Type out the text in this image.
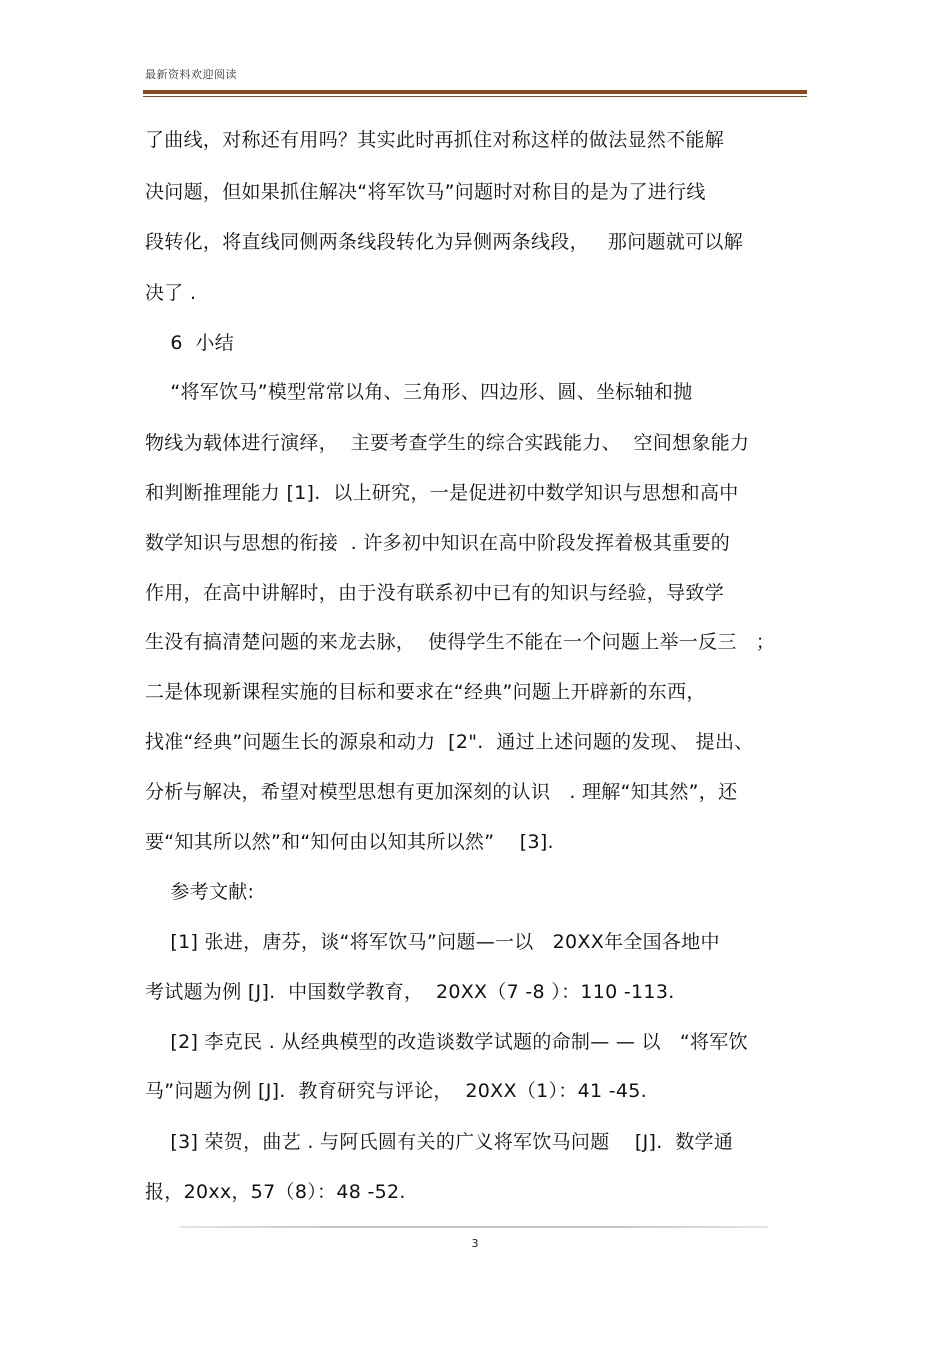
最新资料欢迎阅读
了曲线，对称还有用吗？其实此时再抓住对称这样的做法显然不能解
决问题，但如果抓住解决“将军饮马”问题时对称目的是为了进行线
段转化，将直线同侧两条线段转化为异侧两条线段，   那问题就可以解
决了 .
6  小结
“将军饮马”模型常常以角、三角形、四边形、圆、坐标轴和抛
物线为载体进行演绎，  主要考查学生的综合实践能力、  空间想象能力
和判断推理能力 [1].  以上研究，一是促进初中数学知识与思想和高中
数学知识与思想的衔接  . 许多初中知识在高中阶段发挥着极其重要的
作用，在高中讲解时，由于没有联系初中已有的知识与经验，导致学
生没有搞清楚问题的来龙去脉，  使得学生不能在一个问题上举一反三   ；
二是体现新课程实施的目标和要求在“经典”问题上开辟新的东西，
找准“经典”问题生长的源泉和动力  [2".  通过上述问题的发现、 提出、
分析与解决，希望对模型思想有更加深刻的认识   . 理解“知其然”，还
要“知其所以然”和“知何由以知其所以然”    [3].
参考文献:
[1] 张进，唐芬，谈“将军饮马”问题—一以   20XX年全国各地中
考试题为例 [J].  中国数学教育，  20XX（7 -8 ）：110 -113.
[2] 李克民 . 从经典模型的改造谈数学试题的命制— — 以   “将军饮
马”问题为例 [J].  教育研究与评论，  20XX（1）：41 -45.
[3] 荣贺，曲艺 . 与阿氏圆有关的广义将军饮马问题    [J].  数学通
报，20xx，57（8）：48 -52.
3
